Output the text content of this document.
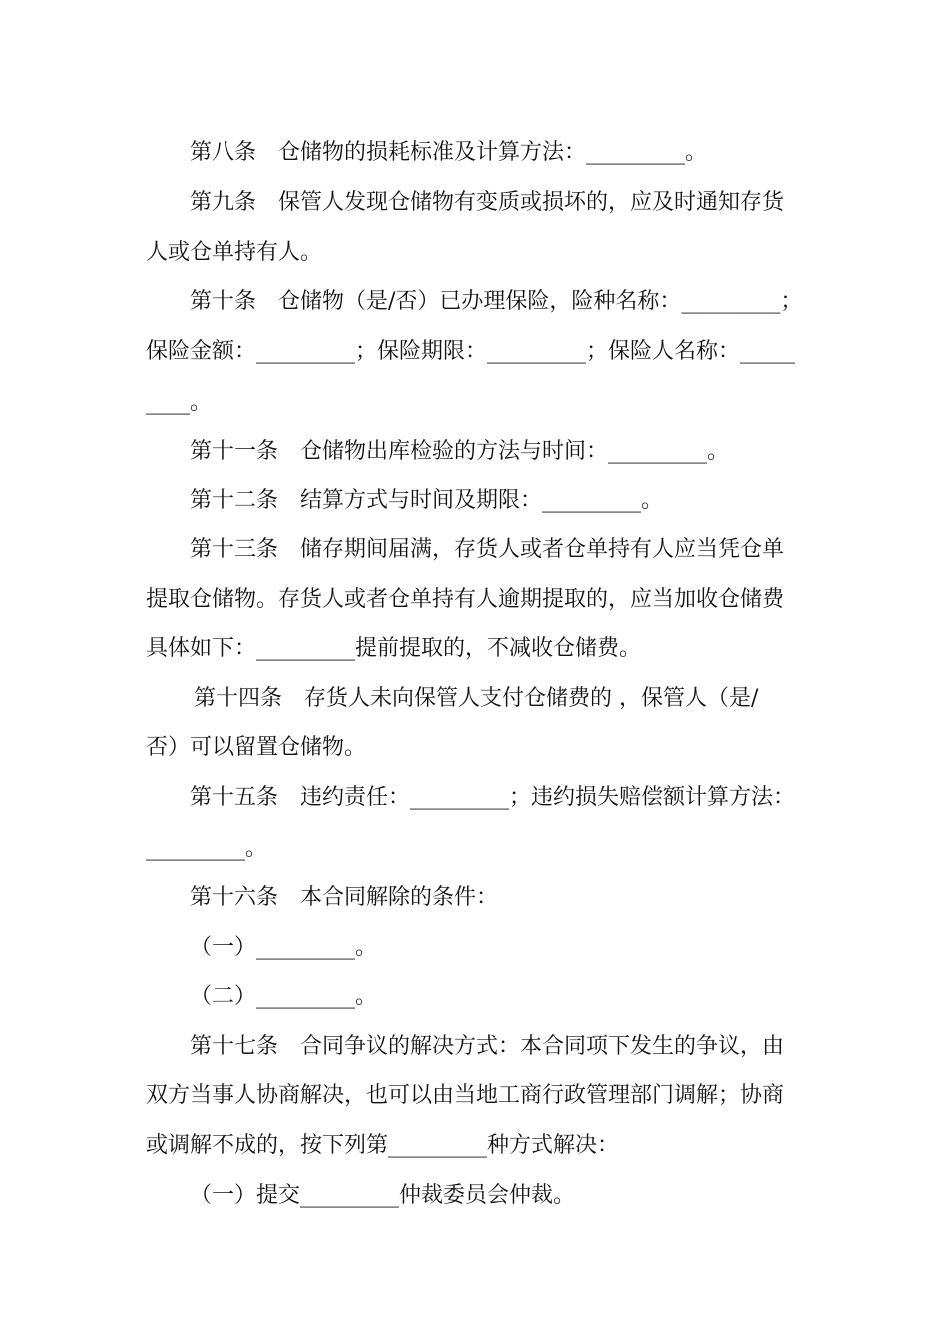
第八条　仓储物的损耗标准及计算方法：_________。
第九条　保管人发现仓储物有变质或损坏的，应及时通知存货
人或仓单持有人。
第十条　仓储物（是/否）已办理保险，险种名称：_________；
保险金额：_________；保险期限：_________；保险人名称：_____
____。
第十一条　仓储物出库检验的方法与时间：_________。
第十二条　结算方式与时间及期限：_________。
第十三条　储存期间届满，存货人或者仓单持有人应当凭仓单
提取仓储物。存货人或者仓单持有人逾期提取的，应当加收仓储费
具体如下：_________提前提取的，不减收仓储费。
第十四条　存货人未向保管人支付仓储费的 ，保管人（是/
否）可以留置仓储物。
第十五条　违约责任：_________；违约损失赔偿额计算方法：
_________。
第十六条　本合同解除的条件：
（一）_________。
（二）_________。
第十七条　合同争议的解决方式：本合同项下发生的争议，由
双方当事人协商解决，也可以由当地工商行政管理部门调解；协商
或调解不成的，按下列第_________种方式解决：
（一）提交_________仲裁委员会仲裁。
